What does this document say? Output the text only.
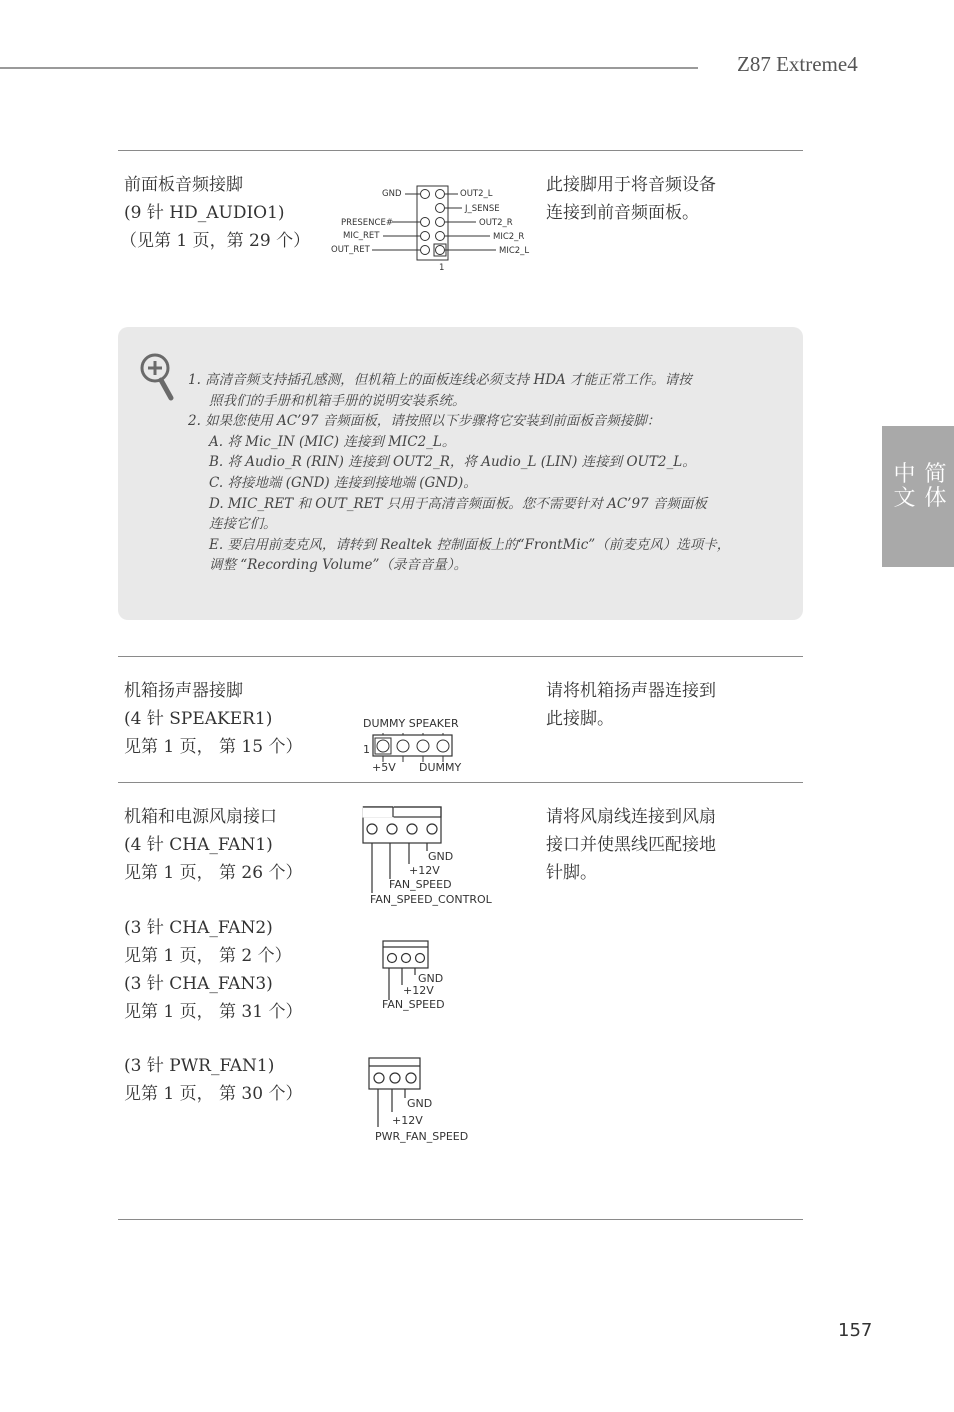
Z87 Extreme4
简体中文
前面板音频接脚
(9 针 HD_AUDIO1)
（见第 1 页，第 29 个）
此接脚用于将音频设备
连接到前音频面板。
GND
PRESENCE#
MIC_RET
OUT_RET
OUT2_L
J_SENSE
OUT2_R
MIC2_R
MIC2_L
1
1. 高清音频支持插孔感测，但机箱上的面板连线必须支持 HDA 才能正常工作。请按
照我们的手册和机箱手册的说明安装系统。
2. 如果您使用 AC’97 音频面板，请按照以下步骤将它安装到前面板音频接脚：
A. 将 Mic_IN (MIC) 连接到 MIC2_L。
B. 将 Audio_R (RIN) 连接到 OUT2_R，将 Audio_L (LIN) 连接到 OUT2_L。
C. 将接地端 (GND) 连接到接地端 (GND)。
D. MIC_RET 和 OUT_RET 只用于高清音频面板。您不需要针对 AC’97 音频面板
连接它们。
E. 要启用前麦克风，请转到 Realtek 控制面板上的“FrontMic”（前麦克风）选项卡，
调整 “Recording Volume”（录音音量）。
机箱扬声器接脚
(4 针 SPEAKER1)
见第 1 页， 第 15 个）
请将机箱扬声器连接到
此接脚。
DUMMY SPEAKER
1
+5V DUMMY
机箱和电源风扇接口
(4 针 CHA_FAN1)
见第 1 页， 第 26 个）
(3 针 CHA_FAN2)
见第 1 页， 第 2 个）
(3 针 CHA_FAN3)
见第 1 页， 第 31 个）
(3 针 PWR_FAN1)
见第 1 页， 第 30 个）
请将风扇线连接到风扇
接口并使黑线匹配接地
针脚。
GND
+12V
FAN_SPEED
FAN_SPEED_CONTROL
GND
+12V
FAN_SPEED
GND
+12V
PWR_FAN_SPEED
157
